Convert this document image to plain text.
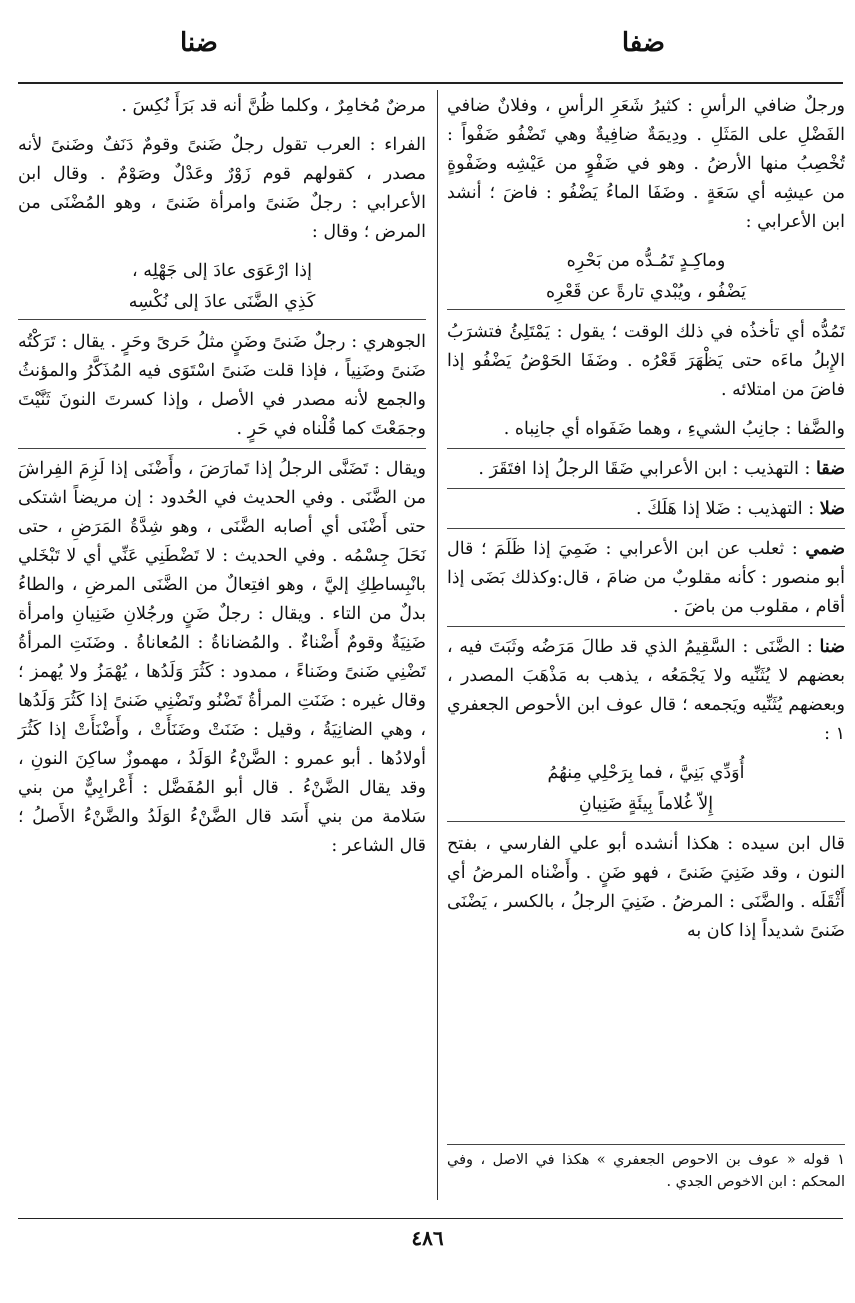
ضفا
ضنا
ورجلٌ ضافي الرأسِ : كثيرُ شَعَرِ الرأسِ ، وفلانٌ ضافي الفَضْلِ على المَثَلِ . ودِيمَةٌ ضافِيةٌ وهي تَضْفُو ضَفْواً : تُخْصِبُ منها الأرضُ . وهو في ضَفْوٍ من عَيْشِه وضَفْوةٍ من عيشِه أي سَعَةٍ . وضَفَا الماءُ يَضْفُو : فاضَ ؛ أنشد ابن الأعرابي :
وماكِـدٍ تَمُـدُّه من بَحْرِه
يَضْفُو ، ويُبْدي تارةً عن قَعْرِه
تَمُدُّه أي تأخذُه في ذلك الوقت ؛ يقول : يَمْتَلِئُ فتشرَبُ الإِبلُ ماءَه حتى يَظْهَرَ قَعْرُه . وضَفَا الحَوْضُ يَضْفُو إذا فاضَ من امتلائه .
والضَّفا : جانِبُ الشيءِ ، وهما ضَفَواه أي جانِباه .
ضقا : التهذيب : ابن الأعرابي ضَقَا الرجلُ إذا افتَقَرَ .
ضلا : التهذيب : ضَلا إذا هَلَكَ .
ضمي : ثعلب عن ابن الأعرابي : ضَمِيَ إذا ظَلَمَ ؛ قال أبو منصور : كأنه مقلوبٌ من ضامَ ، قال:وكذلك بَضَى إذا أقام ، مقلوب من باضَ .
ضنا : الضَّنَى : السَّقِيمُ الذي قد طالَ مَرَضُه وثَبَتَ فيه ، بعضهم لا يُثَنِّيه ولا يَجْمَعُه ، يذهب به مَذْهَبَ المصدر ، وبعضهم يُثَنِّيه ويَجمعه ؛ قال عوف ابن الأحوص الجعفري ١ :
أُوَدِّي بَنِيَّ ، فما بِرَحْلِي مِنهُمُ
إِلاّ غُلاماً بِيئَةٍ ضَنِيانِ
قال ابن سيده : هكذا أنشده أبو علي الفارسي ، بفتح النون ، وقد ضَنِيَ ضَنىً ، فهو ضَنٍ . وأَضْناه المرضُ أي أَثْقَلَه . والضَّنَى : المرضُ . ضَنِيَ الرجلُ ، بالكسر ، يَضْنَى ضَنىً شديداً إذا كان به
١ قوله « عوف بن الاحوص الجعفري » هكذا في الاصل ، وفي المحكم : ابن الاخوص الجدي .
مرضٌ مُخامِرٌ ، وكلما ظُنَّ أنه قد بَرَأَ نُكِسَ .
الفراء : العرب تقول رجلٌ ضَنىً وقومٌ دَنَفٌ وضَنىً لأنه مصدر ، كقولهم قوم زَوْرٌ وعَدْلٌ وصَوْمٌ . وقال ابن الأعرابي : رجلٌ ضَنىً وامرأة ضَنىً ، وهو المُضْنَى من المرض ؛ وقال :
إذا ارْعَوَى عادَ إلى جَهْلِه ،
كَذِي الضَّنَى عادَ إلى نُكْسِه
الجوهري : رجلٌ ضَنىً وضَنٍ مثلُ حَرىً وحَرٍ . يقال : تَرَكْتُه ضَنىً وضَنِياً ، فإذا قلت ضَنىً اسْتَوَى فيه المُذَكَّرُ والمؤنثُ والجمع لأنه مصدر في الأصل ، وإذا كسرتَ النونَ ثَنَّيْتَ وجمَعْتَ كما قُلْناه في حَرٍ .
ويقال : تَضَنَّى الرجلُ إذا تَمارَضَ ، وأَضْنَى إذا لَزِمَ الفِراشَ من الضَّنَى . وفي الحديث في الحُدود : إن مريضاً اشتكى حتى أَضْنَى أي أصابه الضَّنَى ، وهو شِدَّةُ المَرَضِ ، حتى نَحَلَ جِسْمُه . وفي الحديث : لا تَضْطَنِي عَنِّي أي لا تَبْخَلي بانْبِساطِكِ إليَّ ، وهو افتِعالٌ من الضَّنَى المرضِ ، والطاءُ بدلٌ من التاء . ويقال : رجلٌ ضَنٍ ورجُلانِ ضَنِيانِ وامرأة ضَنِيَةٌ وقومٌ أَضْناءٌ . والمُضاناةُ : المُعاناةُ . وضَنَتِ المرأةُ تَضْنِي ضَنىً وضَناءً ، ممدود : كَثُرَ وَلَدُها ، يُهْمَزُ ولا يُهمز ؛ وقال غيره : ضَنَتِ المرأةُ تَضْنُو وتَضْنِي ضَنىً إذا كَثُرَ وَلَدُها ، وهي الضانِيَةُ ، وقيل : ضَنَتْ وضَنَأَتْ ، وأَضْنَأَتْ إذا كَثُرَ أولادُها . أبو عمرو : الضَّنْءُ الوَلَدُ ، مهموزٌ ساكِنَ النونِ ، وقد يقال الضَّنْءُ . قال أبو المُفَضَّل : أَعْرابِيٌّ من بني سَلامة من بني أَسَد قال الضَّنْءُ الوَلَدُ والضَّنْءُ الأَصلُ ؛ قال الشاعر :
٤٨٦
